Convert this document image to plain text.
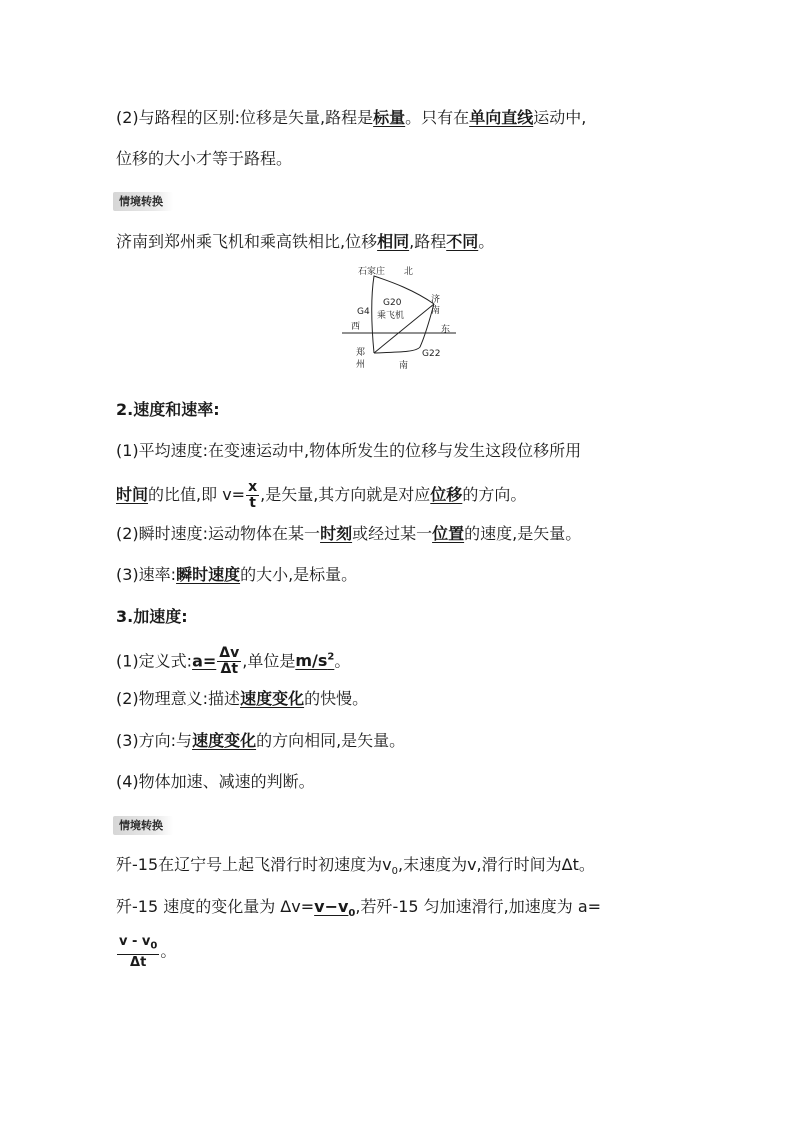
(2)与路程的区别:位移是矢量,路程是标量。只有在单向直线运动中,
位移的大小才等于路程。
情境转换
济南到郑州乘飞机和乘高铁相比,位移相同,路程不同。
石家庄 北
G20
乘飞机
G4
济
南
西	东
郑
州
G22
南
2.速度和速率:
(1)平均速度:在变速运动中,物体所发生的位移与发生这段位移所用
时间的比值,即 $v= \frac{x}{t}$ ,是矢量,其方向就是对应位移的方向。
(2)瞬时速度:运动物体在某一时刻或经过某一位置的速度,是矢量。
(3)速率:瞬时速度的大小,是标量。
3.加速度:
(1)定义式:a= $\frac{\Delta v}{\Delta t}$ ,单位是$m/s^2$。
(2)物理意义:描述速度变化的快慢。
(3)方向:与速度变化的方向相同,是矢量。
(4)物体加速、减速的判断。
情境转换
歼-15在辽宁号上起飞滑行时初速度为$v_0$,末速度为v,滑行时间为Δt。
歼-15 速度的变化量为 $\Delta v=v-v_0$,若歼-15 匀加速滑行,加速度为 a=
$\frac{v - v_0}{\Delta t}$ 。
